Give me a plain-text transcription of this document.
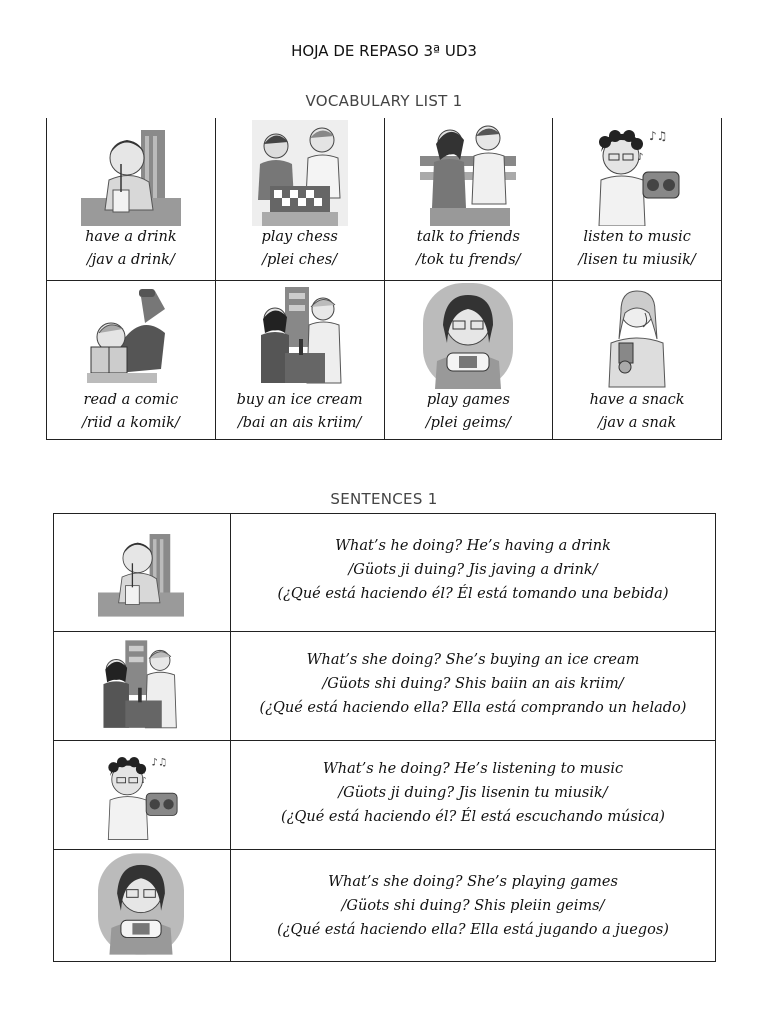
HOJA DE REPASO 3ª UD3
VOCABULARY LIST 1
have a drink
/jav a drink/
play chess
/plei ches/
talk to friends
/tok tu frends/
♪♫
♪
listen to music
/lisen tu miusik/
read a comic
/riid a komik/
buy an ice cream
/bai an ais kriim/
play games
/plei geims/
have a snack
/jav a snak
SENTENCES 1
What’s he doing? He’s having a drink
/Güots ji duing? Jis javing a drink/
(¿Qué está haciendo él? Él está tomando una bebida)
What’s she doing? She’s buying an ice cream
/Güots shi duing? Shis baiin an ais kriim/
(¿Qué está haciendo ella? Ella está comprando un helado)
♪♫
♪
What’s he doing? He’s listening to music
/Güots ji duing? Jis lisenin tu miusik/
(¿Qué está haciendo él? Él está escuchando música)
What’s she doing? She’s playing games
/Güots shi duing? Shis pleiin geims/
(¿Qué está haciendo ella? Ella está jugando a juegos)
